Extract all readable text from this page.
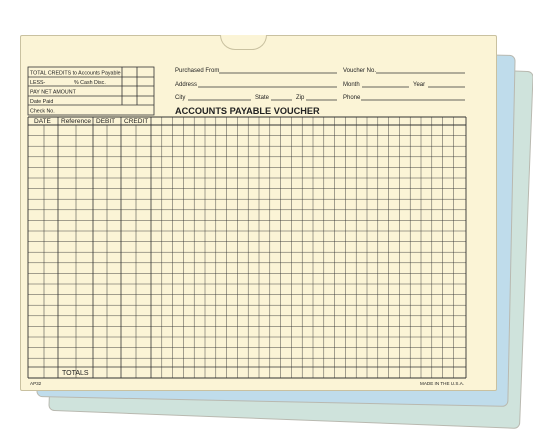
TOTAL CREDITS to Accounts Payable
LESS-	% Cash Disc.
PAY NET AMOUNT
Date Paid
Check No.
Purchased From	Voucher No.
Address	Month	Year
City	State	Zip	Phone
ACCOUNTS PAYABLE VOUCHER
DATE Reference DEBIT CREDIT
TOTALS
AP32	MADE IN THE U.S.A.
